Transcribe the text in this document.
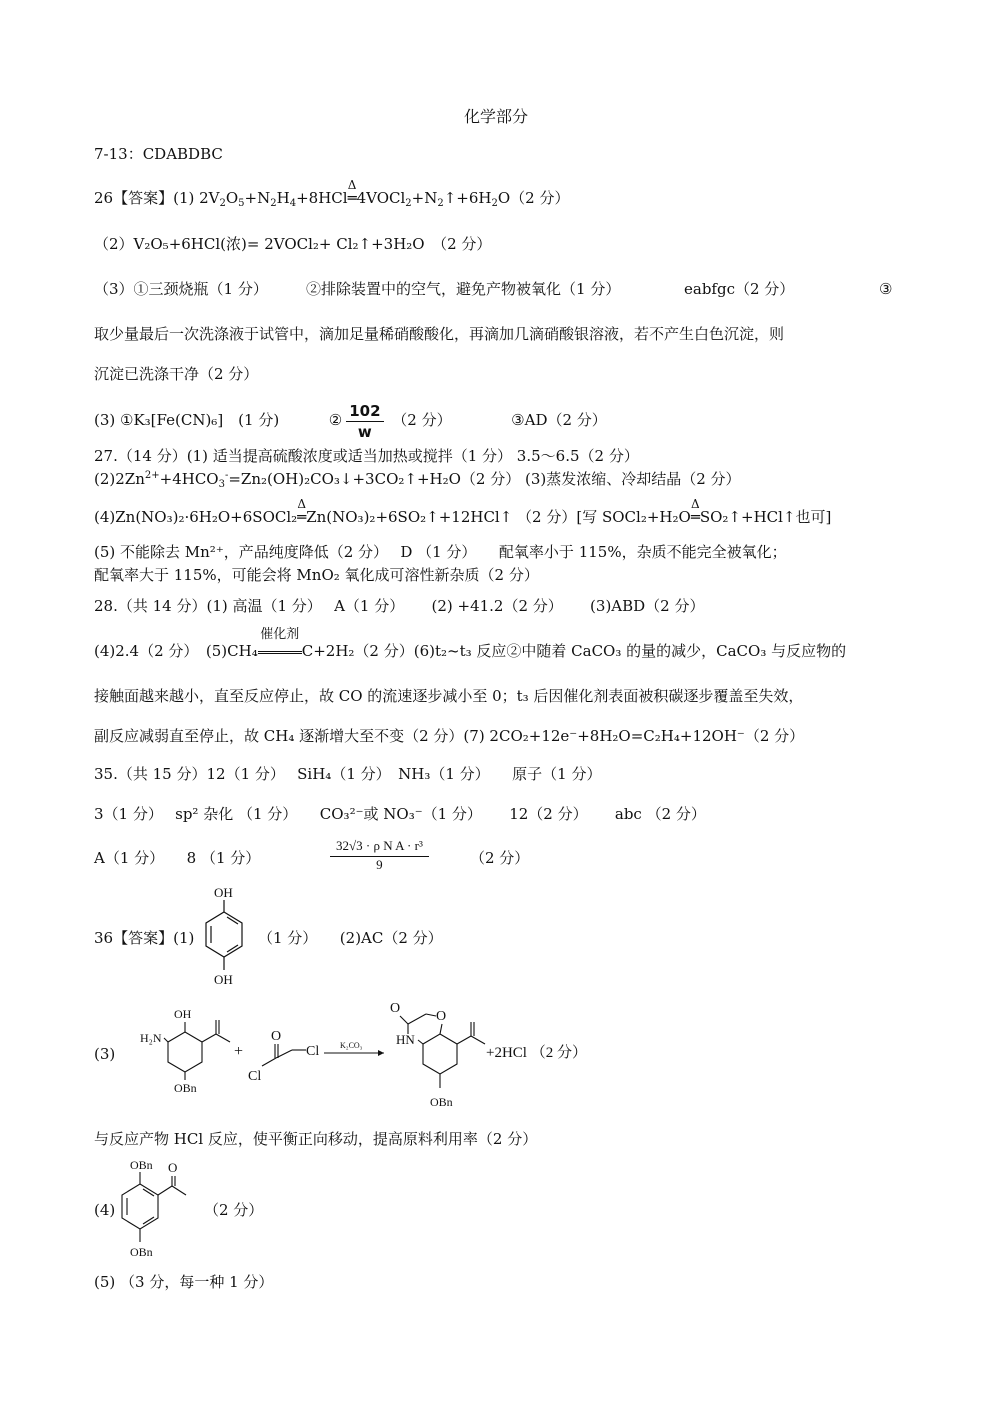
化学部分
7-13：CDABDBC
26【答案】(1) $2V_2O_5+N_2H_4+8HCl$
Δ
$═4VOCl_2+N_2↑+6H_2O(2$ 分）
（2）V₂O₅+6HCl(浓)= 2VOCl₂+ Cl₂↑+3H₂O　（2 分）
（3）①三颈烧瓶（1 分）	②排除装置中的空气，避免产物被氧化（1 分）	eabfgc（2 分）	③
取少量最后一次洗涤液于试管中，滴加足量稀硝酸酸化，再滴加几滴硝酸银溶液，若不产生白色沉淀，则
沉淀已洗涤干净（2 分）
(3) ①K₃[Fe(CN)₆]　(1 分)	② $\frac{102}{w} (2$ 分）	③AD（2 分）
27.（14 分）(1) 适当提高硫酸浓度或适当加热或搅拌（1 分） 3.5～6.5（2 分）
$(2)2Zn^{2+}+4HCO_3^-=Zn_2(OH)_2CO_3↓+3CO_2↑+H_2O(2$ 分） (3)蒸发浓缩、冷却结晶（2 分）
(4)Zn(NO₃)₂·6H₂O+6SOCl₂
Δ
═Zn(NO₃)₂+6SO₂↑+12HCl↑ （2 分）[写 SOCl₂+H₂O
Δ
═SO₂↑+HCl↑也可]
(5) 不能除去 Mn²⁺，产品纯度降低（2 分）　 D （1 分）　　配氧率小于 115%，杂质不能完全被氧化；
配氧率大于 115%，可能会将 MnO₂ 氧化成可溶性新杂质（2 分）
28.（共 14 分）(1) 高温（1 分）　 A（1 分）　　 (2) +41.2（2 分）　　 (3)ABD（2 分）
(4)2.4（2 分）　(5)CH₄
催化剂
C+2H₂（2 分）(6)t₂~t₃ 反应②中随着 CaCO₃ 的量的减少，CaCO₃ 与反应物的
接触面越来越小，直至反应停止，故 CO 的流速逐步减小至 0；t₃ 后因催化剂表面被积碳逐步覆盖至失效，
副反应减弱直至停止，故 CH₄ 逐渐增大至不变（2 分）(7) 2CO₂+12e⁻+8H₂O=C₂H₄+12OH⁻（2 分）
35.（共 15 分）12（1 分）　 SiH₄（1 分）　NH₃（1 分）　　原子（1 分）
3（1 分）　 sp² 杂化 （1 分）　　CO₃²⁻或 NO₃⁻（1 分）　　 12（2 分）　　 abc （2 分）
A（1 分）　　8 （1 分）
32√3 · ρ N A · r³
9	（2 分）
36【答案】(1)
OH
OH
（1 分）　　(2)AC（2 分）
(3)
H₂N
OH
OBn
+
O
Cl
Cl	K₂CO₃
O
O
HN
OBn
+2HCl （2 分）
与反应产物 HCl 反应，使平衡正向移动，提高原料利用率（2 分）
(4)
OBn O
OBn
（2 分）
(5) （3 分，每一种 1 分）
